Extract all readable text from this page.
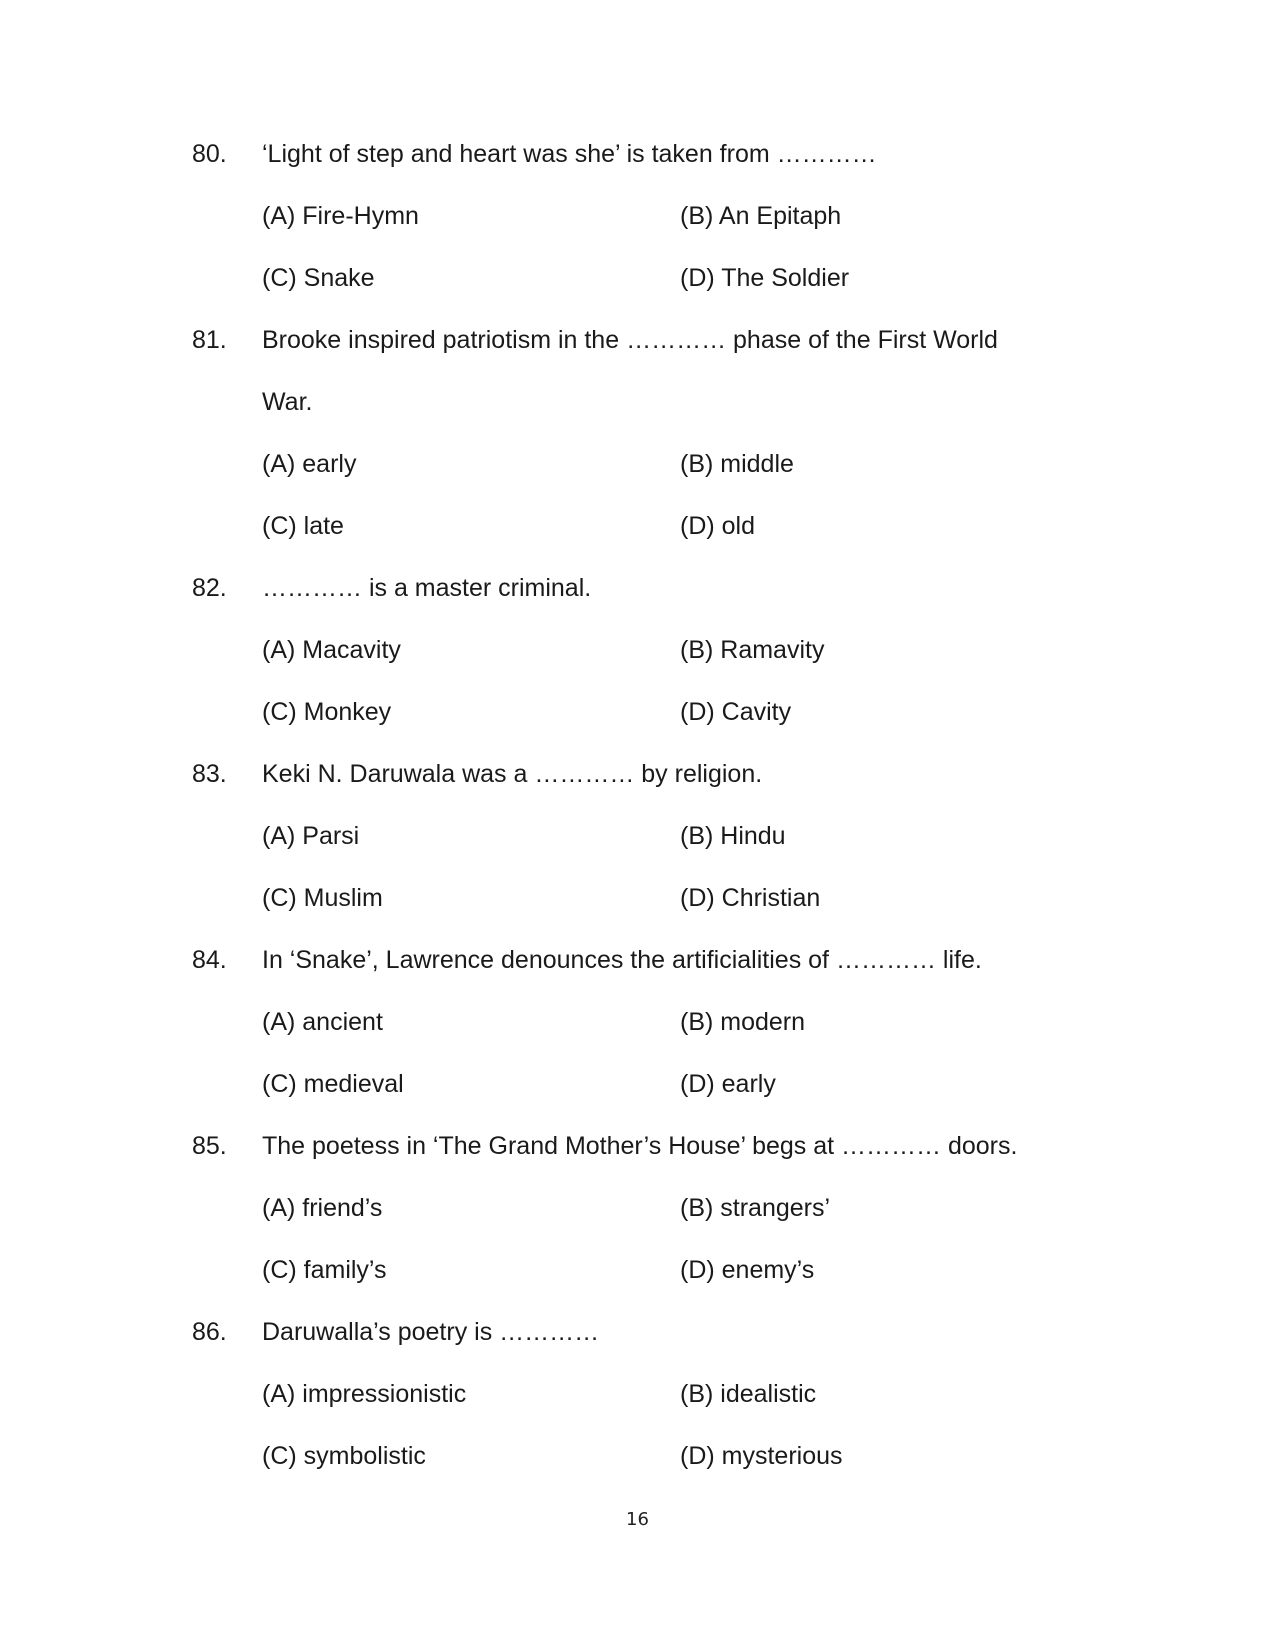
80. ‘Light of step and heart was she’ is taken from …………
(A) Fire-Hymn	(B) An Epitaph
(C) Snake	(D) The Soldier
81. Brooke inspired patriotism in the ………… phase of the First World
War.
(A) early	(B) middle
(C) late	(D) old
82. ………… is a master criminal.
(A) Macavity	(B) Ramavity
(C) Monkey	(D) Cavity
83. Keki N. Daruwala was a ………… by religion.
(A) Parsi	(B) Hindu
(C) Muslim	(D) Christian
84. In ‘Snake’, Lawrence denounces the artificialities of ………… life.
(A) ancient	(B) modern
(C) medieval	(D) early
85. The poetess in ‘The Grand Mother’s House’ begs at ………… doors.
(A) friend’s	(B) strangers’
(C) family’s	(D) enemy’s
86. Daruwalla’s poetry is …………
(A) impressionistic	(B) idealistic
(C) symbolistic	(D) mysterious
16
